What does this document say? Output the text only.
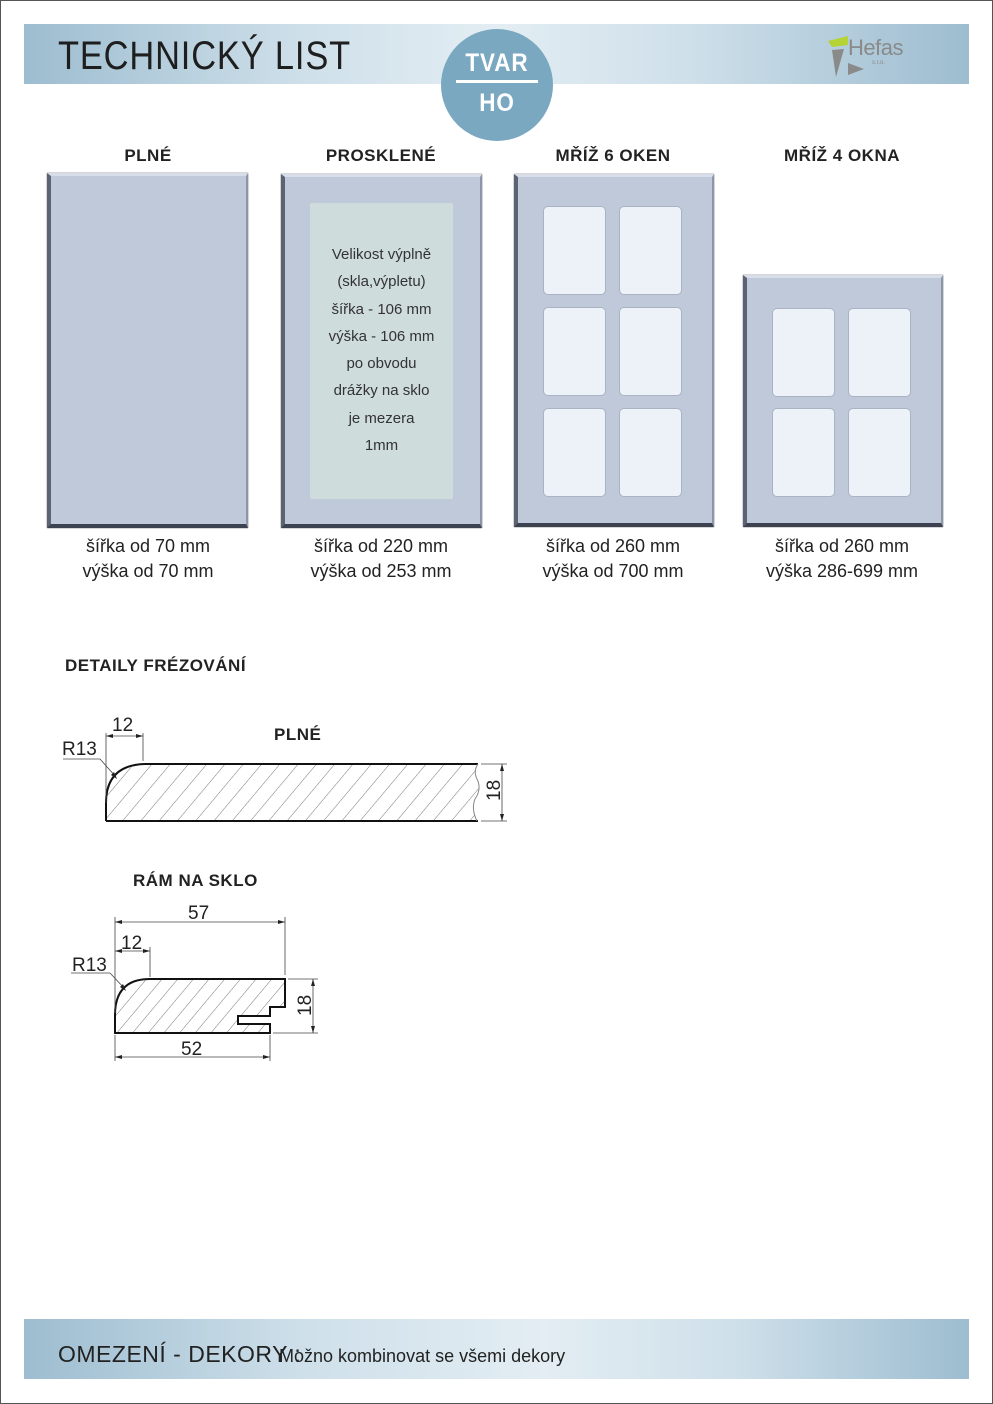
TECHNICKÝ LIST	TVAR
HO
Hefas
s.r.o.
PLNÉ	PROSKLENÉ	MŘÍŽ 6 OKEN	MŘÍŽ 4 OKNA
Velikost výplně
(skla,výpletu)
šířka - 106 mm
výška - 106 mm
po obvodu
drážky na sklo
je mezera
1mm
šířka od 70 mm
výška od 70 mm
šířka od 220 mm
výška od 253 mm
šířka od 260 mm
výška od 700 mm
šířka od 260 mm
výška 286-699 mm
DETAILY FRÉZOVÁNÍ
12
R13
18
PLNÉ
RÁM NA SKLO
57
12
R13
18
52
OMEZENÍ - DEKORY :
Možno kombinovat se všemi dekory
